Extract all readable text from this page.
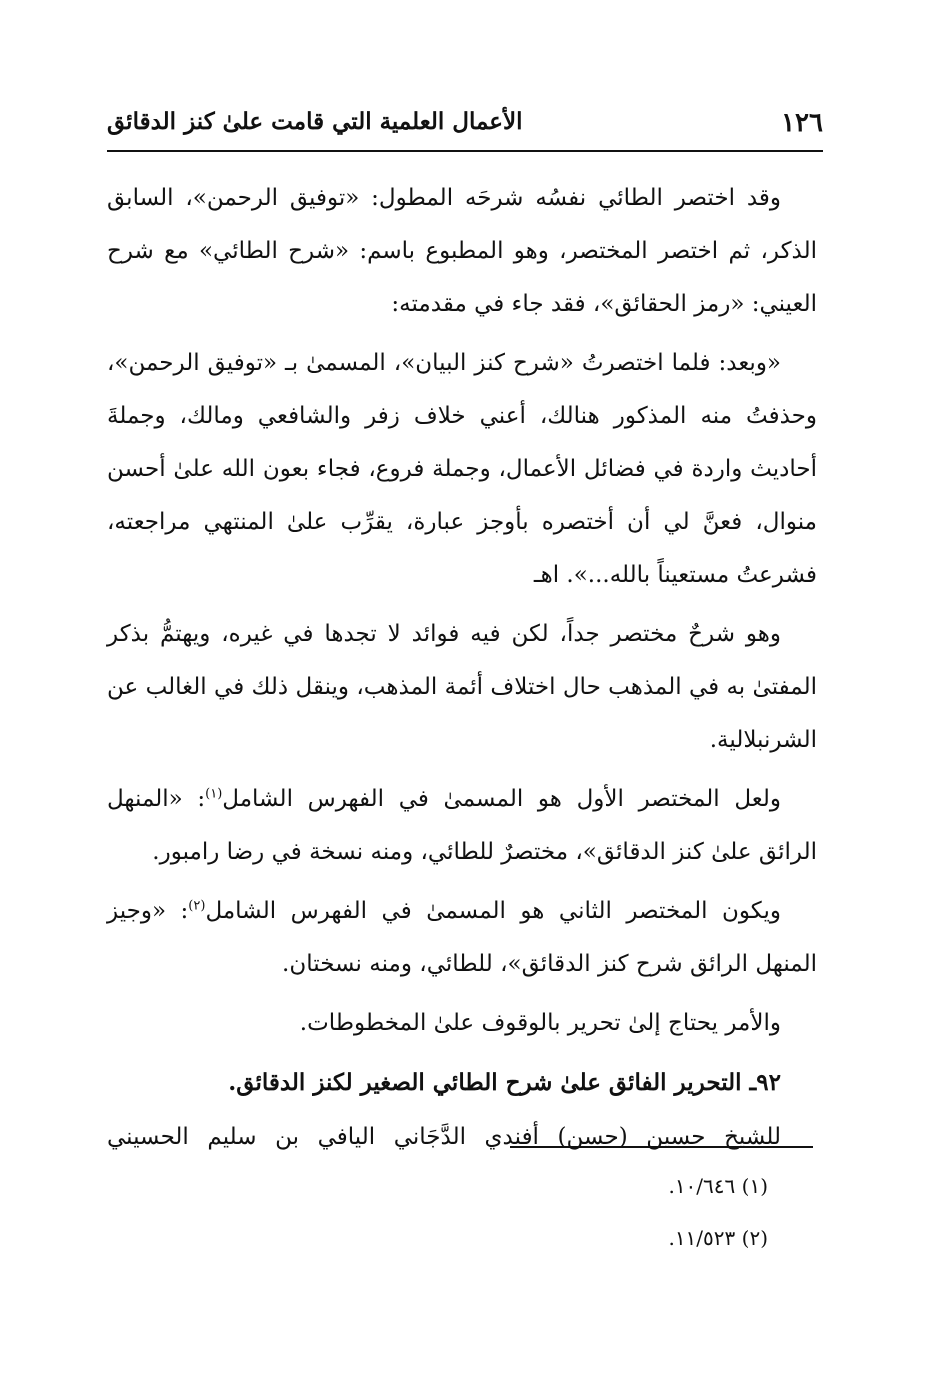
١٢٦
الأعمال العلمية التي قامت علىٰ كنز الدقائق

وقد اختصر الطائي نفسُه شرحَه المطول: «توفيق الرحمن»، السابق الذكر، ثم اختصر المختصر، وهو المطبوع باسم: «شرح الطائي» مع شرح العيني: «رمز الحقائق»، فقد جاء في مقدمته:

«وبعد: فلما اختصرتُ «شرح كنز البيان»، المسمىٰ بـ «توفيق الرحمن»، وحذفتُ منه المذكور هنالك، أعني خلاف زفر والشافعي ومالك، وجملةَ أحاديث واردة في فضائل الأعمال، وجملة فروع، فجاء بعون الله علىٰ أحسن منوال، فعنَّ لي أن أختصره بأوجز عبارة، يقرِّب علىٰ المنتهي مراجعته، فشرعتُ مستعيناً بالله...». اهـ

وهو شرحٌ مختصر جداً، لكن فيه فوائد لا تجدها في غيره، ويهتمُّ بذكر المفتىٰ به في المذهب حال اختلاف أئمة المذهب، وينقل ذلك في الغالب عن الشرنبلالية.

ولعل المختصر الأول هو المسمىٰ في الفهرس الشامل$^{(١)}$: «المنهل الرائق علىٰ كنز الدقائق»، مختصرٌ للطائي، ومنه نسخة في رضا رامبور.

ويكون المختصر الثاني هو المسمىٰ في الفهرس الشامل$^{(٢)}$: «وجيز المنهل الرائق شرح كنز الدقائق»، للطائي، ومنه نسختان.

والأمر يحتاج إلىٰ تحرير بالوقوف علىٰ المخطوطات.

٩٢ـ التحرير الفائق علىٰ شرح الطائي الصغير لكنز الدقائق.

للشيخ حسين (حسن) أفندي الدَّجَاني اليافي بن سليم الحسيني

(١) ١٠/٦٤٦.

(٢) ١١/٥٢٣.
